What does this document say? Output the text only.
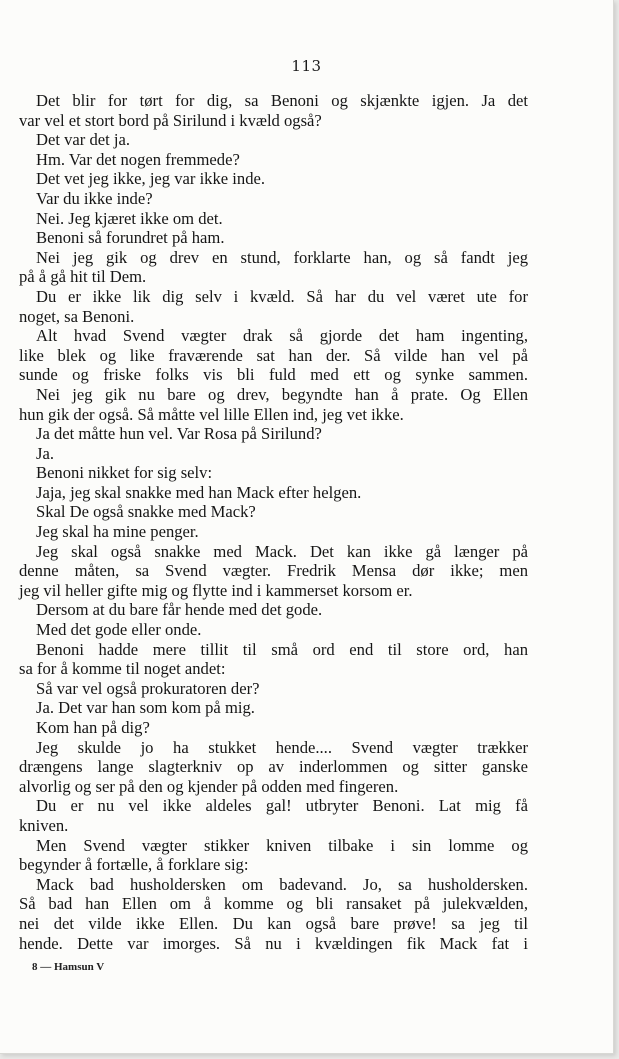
113
Det blir for tørt for dig, sa Benoni og skjænkte igjen. Ja det
var vel et stort bord på Sirilund i kvæld også?
Det var det ja.
Hm. Var det nogen fremmede?
Det vet jeg ikke, jeg var ikke inde.
Var du ikke inde?
Nei. Jeg kjæret ikke om det.
Benoni så forundret på ham.
Nei jeg gik og drev en stund, forklarte han, og så fandt jeg
på å gå hit til Dem.
Du er ikke lik dig selv i kvæld. Så har du vel været ute for
noget, sa Benoni.
Alt hvad Svend vægter drak så gjorde det ham ingenting,
like blek og like fraværende sat han der. Så vilde han vel på
sunde og friske folks vis bli fuld med ett og synke sammen.
Nei jeg gik nu bare og drev, begyndte han å prate. Og Ellen
hun gik der også. Så måtte vel lille Ellen ind, jeg vet ikke.
Ja det måtte hun vel. Var Rosa på Sirilund?
Ja.
Benoni nikket for sig selv:
Jaja, jeg skal snakke med han Mack efter helgen.
Skal De også snakke med Mack?
Jeg skal ha mine penger.
Jeg skal også snakke med Mack. Det kan ikke gå længer på
denne måten, sa Svend vægter. Fredrik Mensa dør ikke; men
jeg vil heller gifte mig og flytte ind i kammerset korsom er.
Dersom at du bare får hende med det gode.
Med det gode eller onde.
Benoni hadde mere tillit til små ord end til store ord, han
sa for å komme til noget andet:
Så var vel også prokuratoren der?
Ja. Det var han som kom på mig.
Kom han på dig?
Jeg skulde jo ha stukket hende.... Svend vægter trækker
drængens lange slagterkniv op av inderlommen og sitter ganske
alvorlig og ser på den og kjender på odden med fingeren.
Du er nu vel ikke aldeles gal! utbryter Benoni. Lat mig få
kniven.
Men Svend vægter stikker kniven tilbake i sin lomme og
begynder å fortælle, å forklare sig:
Mack bad husholdersken om badevand. Jo, sa husholdersken.
Så bad han Ellen om å komme og bli ransaket på julekvælden,
nei det vilde ikke Ellen. Du kan også bare prøve! sa jeg til
hende. Dette var imorges. Så nu i kvældingen fik Mack fat i
8 — Hamsun V
